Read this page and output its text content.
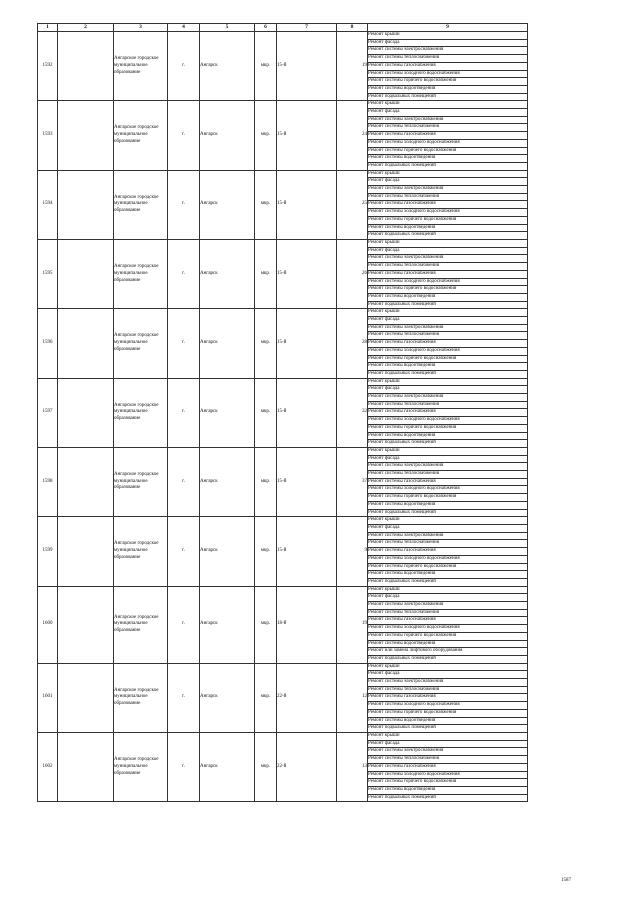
1	2	3	4	5	6	7	8	9
1592		Ангарское городское муниципальное образование	г.	Ангарск	мкр.	15-й	19	Ремонт крыши
								Ремонт фасада
								Ремонт системы электроснабжения
								Ремонт системы теплоснабжения
								Ремонт системы газоснабжения
								Ремонт системы холодного водоснабжения
								Ремонт системы горячего водоснабжения
								Ремонт системы водоотведения
								Ремонт подвальных помещений
1593		Ангарское городское муниципальное образование	г.	Ангарск	мкр.	15-й	24	Ремонт крыши
								Ремонт фасада
								Ремонт системы электроснабжения
								Ремонт системы теплоснабжения
								Ремонт системы газоснабжения
								Ремонт системы холодного водоснабжения
								Ремонт системы горячего водоснабжения
								Ремонт системы водоотведения
								Ремонт подвальных помещений
1594		Ангарское городское муниципальное образование	г.	Ангарск	мкр.	15-й	25	Ремонт крыши
								Ремонт фасада
								Ремонт системы электроснабжения
								Ремонт системы теплоснабжения
								Ремонт системы газоснабжения
								Ремонт системы холодного водоснабжения
								Ремонт системы горячего водоснабжения
								Ремонт системы водоотведения
								Ремонт подвальных помещений
1595		Ангарское городское муниципальное образование	г.	Ангарск	мкр.	15-й	26	Ремонт крыши
								Ремонт фасада
								Ремонт системы электроснабжения
								Ремонт системы теплоснабжения
								Ремонт системы газоснабжения
								Ремонт системы холодного водоснабжения
								Ремонт системы горячего водоснабжения
								Ремонт системы водоотведения
								Ремонт подвальных помещений
1596		Ангарское городское муниципальное образование	г.	Ангарск	мкр.	15-й	28	Ремонт крыши
								Ремонт фасада
								Ремонт системы электроснабжения
								Ремонт системы теплоснабжения
								Ремонт системы газоснабжения
								Ремонт системы холодного водоснабжения
								Ремонт системы горячего водоснабжения
								Ремонт системы водоотведения
								Ремонт подвальных помещений
1597		Ангарское городское муниципальное образование	г.	Ангарск	мкр.	15-й	32	Ремонт крыши
								Ремонт фасада
								Ремонт системы электроснабжения
								Ремонт системы теплоснабжения
								Ремонт системы газоснабжения
								Ремонт системы холодного водоснабжения
								Ремонт системы горячего водоснабжения
								Ремонт системы водоотведения
								Ремонт подвальных помещений
1598		Ангарское городское муниципальное образование	г.	Ангарск	мкр.	15-й	37	Ремонт крыши
								Ремонт фасада
								Ремонт системы электроснабжения
								Ремонт системы теплоснабжения
								Ремонт системы газоснабжения
								Ремонт системы холодного водоснабжения
								Ремонт системы горячего водоснабжения
								Ремонт системы водоотведения
								Ремонт подвальных помещений
1599		Ангарское городское муниципальное образование	г.	Ангарск	мкр.	15-й	9	Ремонт крыши
								Ремонт фасада
								Ремонт системы электроснабжения
								Ремонт системы теплоснабжения
								Ремонт системы газоснабжения
								Ремонт системы холодного водоснабжения
								Ремонт системы горячего водоснабжения
								Ремонт системы водоотведения
								Ремонт подвальных помещений
1600		Ангарское городское муниципальное образование	г.	Ангарск	мкр.	18-й	19	Ремонт крыши
								Ремонт фасада
								Ремонт системы электроснабжения
								Ремонт системы теплоснабжения
								Ремонт системы газоснабжения
								Ремонт системы холодного водоснабжения
								Ремонт системы горячего водоснабжения
								Ремонт системы водоотведения
								Ремонт или замена лифтового оборудования
								Ремонт подвальных помещений
1601		Ангарское городское муниципальное образование	г.	Ангарск	мкр.	22-й	12	Ремонт крыши
								Ремонт фасада
								Ремонт системы электроснабжения
								Ремонт системы теплоснабжения
								Ремонт системы газоснабжения
								Ремонт системы холодного водоснабжения
								Ремонт системы горячего водоснабжения
								Ремонт системы водоотведения
								Ремонт подвальных помещений
1602		Ангарское городское муниципальное образование	г.	Ангарск	мкр.	22-й	13	Ремонт крыши
								Ремонт фасада
								Ремонт системы электроснабжения
								Ремонт системы теплоснабжения
								Ремонт системы газоснабжения
								Ремонт системы холодного водоснабжения
								Ремонт системы горячего водоснабжения
								Ремонт системы водоотведения
								Ремонт подвальных помещений
1587
